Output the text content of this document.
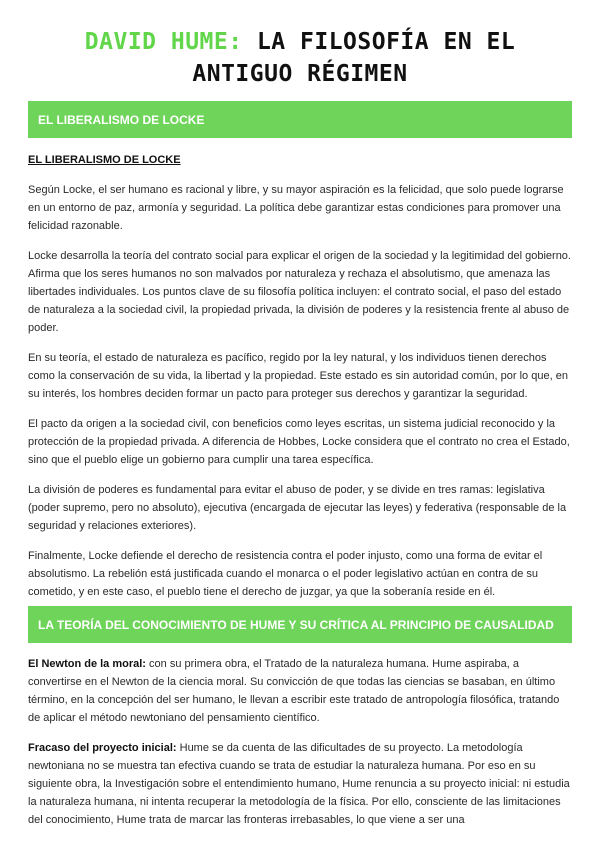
DAVID HUME: LA FILOSOFÍA EN EL
ANTIGUO RÉGIMEN
EL LIBERALISMO DE LOCKE

EL LIBERALISMO DE LOCKE

Según Locke, el ser humano es racional y libre, y su mayor aspiración es la felicidad, que solo puede lograrse en un entorno de paz, armonía y seguridad. La política debe garantizar estas condiciones para promover una felicidad razonable.

Locke desarrolla la teoría del contrato social para explicar el origen de la sociedad y la legitimidad del gobierno. Afirma que los seres humanos no son malvados por naturaleza y rechaza el absolutismo, que amenaza las libertades individuales. Los puntos clave de su filosofía política incluyen: el contrato social, el paso del estado de naturaleza a la sociedad civil, la propiedad privada, la división de poderes y la resistencia frente al abuso de poder.

En su teoría, el estado de naturaleza es pacífico, regido por la ley natural, y los individuos tienen derechos como la conservación de su vida, la libertad y la propiedad. Este estado es sin autoridad común, por lo que, en su interés, los hombres deciden formar un pacto para proteger sus derechos y garantizar la seguridad.

El pacto da origen a la sociedad civil, con beneficios como leyes escritas, un sistema judicial reconocido y la protección de la propiedad privada. A diferencia de Hobbes, Locke considera que el contrato no crea el Estado, sino que el pueblo elige un gobierno para cumplir una tarea específica.

La división de poderes es fundamental para evitar el abuso de poder, y se divide en tres ramas: legislativa (poder supremo, pero no absoluto), ejecutiva (encargada de ejecutar las leyes) y federativa (responsable de la seguridad y relaciones exteriores).

Finalmente, Locke defiende el derecho de resistencia contra el poder injusto, como una forma de evitar el absolutismo. La rebelión está justificada cuando el monarca o el poder legislativo actúan en contra de su cometido, y en este caso, el pueblo tiene el derecho de juzgar, ya que la soberanía reside en él.

LA TEORÍA DEL CONOCIMIENTO DE HUME Y SU CRÍTICA AL PRINCIPIO DE CAUSALIDAD

El Newton de la moral: con su primera obra, el Tratado de la naturaleza humana. Hume aspiraba, a convertirse en el Newton de la ciencia moral. Su convicción de que todas las ciencias se basaban, en último término, en la concepción del ser humano, le llevan a escribir este tratado de antropología filosófica, tratando de aplicar el método newtoniano del pensamiento científico.

Fracaso del proyecto inicial: Hume se da cuenta de las dificultades de su proyecto. La metodología newtoniana no se muestra tan efectiva cuando se trata de estudiar la naturaleza humana. Por eso en su siguiente obra, la Investigación sobre el entendimiento humano, Hume renuncia a su proyecto inicial: ni estudia la naturaleza humana, ni intenta recuperar la metodología de la física. Por ello, consciente de las limitaciones del conocimiento, Hume trata de marcar las fronteras irrebasables, lo que viene a ser una
